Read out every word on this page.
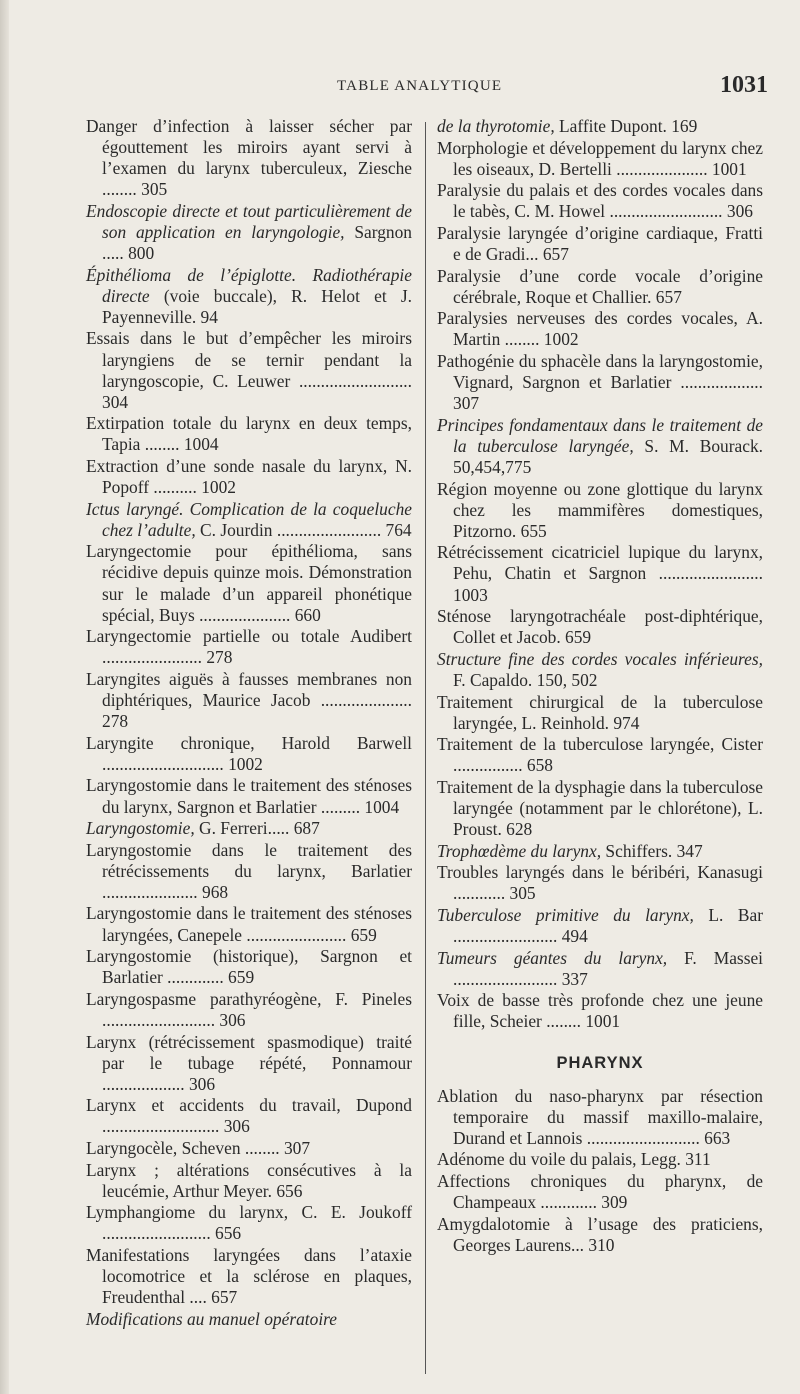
TABLE ANALYTIQUE	1031
Danger d’infection à laisser sécher par égouttement les miroirs ayant servi à l’examen du larynx tuberculeux, Ziesche ........ 305
Endoscopie directe et tout particulièrement de son application en laryngologie, Sargnon ..... 800
Épithélioma de l’épiglotte. Radiothérapie directe (voie buccale), R. Helot et J. Payenneville. 94
Essais dans le but d’empêcher les miroirs laryngiens de se ternir pendant la laryngoscopie, C. Leuwer .......................... 304
Extirpation totale du larynx en deux temps, Tapia ........ 1004
Extraction d’une sonde nasale du larynx, N. Popoff .......... 1002
Ictus laryngé. Complication de la coqueluche chez l’adulte, C. Jourdin ........................ 764
Laryngectomie pour épithélioma, sans récidive depuis quinze mois. Démonstration sur le malade d’un appareil phonétique spécial, Buys ..................... 660
Laryngectomie partielle ou totale Audibert ....................... 278
Laryngites aiguës à fausses membranes non diphtériques, Maurice Jacob ..................... 278
Laryngite chronique, Harold Barwell ............................ 1002
Laryngostomie dans le traitement des sténoses du larynx, Sargnon et Barlatier ......... 1004
Laryngostomie, G. Ferreri..... 687
Laryngostomie dans le traitement des rétrécissements du larynx, Barlatier ...................... 968
Laryngostomie dans le traitement des sténoses laryngées, Canepele ....................... 659
Laryngostomie (historique), Sargnon et Barlatier ............. 659
Laryngospasme parathyréogène, F. Pineles .......................... 306
Larynx (rétrécissement spasmodique) traité par le tubage répété, Ponnamour ................... 306
Larynx et accidents du travail, Dupond ........................... 306
Laryngocèle, Scheven ........ 307
Larynx ; altérations consécutives à la leucémie, Arthur Meyer. 656
Lymphangiome du larynx, C. E. Joukoff ......................... 656
Manifestations laryngées dans l’ataxie locomotrice et la sclérose en plaques, Freudenthal .... 657
Modifications au manuel opératoire
de la thyrotomie, Laffite Dupont. 169
Morphologie et développement du larynx chez les oiseaux, D. Bertelli ..................... 1001
Paralysie du palais et des cordes vocales dans le tabès, C. M. Howel .......................... 306
Paralysie laryngée d’origine cardiaque, Fratti e de Gradi... 657
Paralysie d’une corde vocale d’origine cérébrale, Roque et Challier. 657
Paralysies nerveuses des cordes vocales, A. Martin ........ 1002
Pathogénie du sphacèle dans la laryngostomie, Vignard, Sargnon et Barlatier ................... 307
Principes fondamentaux dans le traitement de la tuberculose laryngée, S. M. Bourack. 50,454,775
Région moyenne ou zone glottique du larynx chez les mammifères domestiques, Pitzorno. 655
Rétrécissement cicatriciel lupique du larynx, Pehu, Chatin et Sargnon ........................ 1003
Sténose laryngotrachéale post-diphtérique, Collet et Jacob. 659
Structure fine des cordes vocales inférieures, F. Capaldo. 150, 502
Traitement chirurgical de la tuberculose laryngée, L. Reinhold. 974
Traitement de la tuberculose laryngée, Cister ................ 658
Traitement de la dysphagie dans la tuberculose laryngée (notamment par le chlorétone), L. Proust. 628
Trophœdème du larynx, Schiffers. 347
Troubles laryngés dans le béribéri, Kanasugi ............ 305
Tuberculose primitive du larynx, L. Bar ........................ 494
Tumeurs géantes du larynx, F. Massei ........................ 337
Voix de basse très profonde chez une jeune fille, Scheier ........ 1001
PHARYNX
Ablation du naso-pharynx par résection temporaire du massif maxillo-malaire, Durand et Lannois .......................... 663
Adénome du voile du palais, Legg. 311
Affections chroniques du pharynx, de Champeaux ............. 309
Amygdalotomie à l’usage des praticiens, Georges Laurens... 310
